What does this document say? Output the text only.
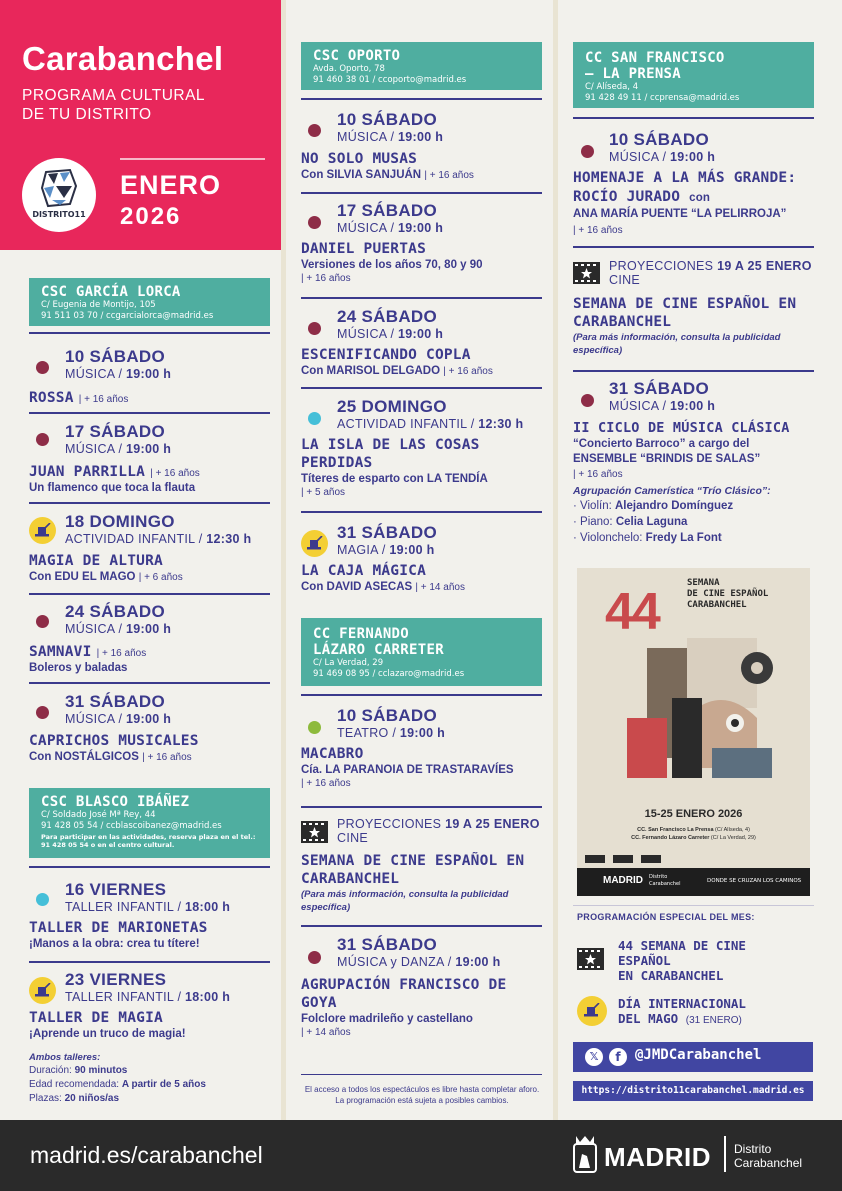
Carabanchel
PROGRAMA CULTURAL
DE TU DISTRITO
DISTRITO11
ENERO
2026
CSC GARCÍA LORCA
C/ Eugenia de Montijo, 105
91 511 03 70 / ccgarcialorca@madrid.es
10 SÁBADO
MÚSICA / 19:00 h
ROSSA | + 16 años
17 SÁBADO
MÚSICA / 19:00 h
JUAN PARRILLA | + 16 años
Un flamenco que toca la flauta
18 DOMINGO
ACTIVIDAD INFANTIL / 12:30 h
MAGIA DE ALTURA
Con EDU EL MAGO | + 6 años
24 SÁBADO
MÚSICA / 19:00 h
SAMNAVI | + 16 años
Boleros y baladas
31 SÁBADO
MÚSICA / 19:00 h
CAPRICHOS MUSICALES
Con NOSTÁLGICOS | + 16 años
CSC BLASCO IBÁÑEZ
C/ Soldado José Mª Rey, 44
91 428 05 54 / ccblascoibanez@madrid.es
Para participar en las actividades, reserva plaza en el tel.: 91 428 05 54 o en el centro cultural.
16 VIERNES
TALLER INFANTIL / 18:00 h
TALLER DE MARIONETAS
¡Manos a la obra: crea tu títere!
23 VIERNES
TALLER INFANTIL / 18:00 h
TALLER DE MAGIA
¡Aprende un truco de magia!
Ambos talleres:
Duración: 90 minutos
Edad recomendada: A partir de 5 años
Plazas: 20 niños/as
CSC OPORTO
Avda. Oporto, 78
91 460 38 01 / ccoporto@madrid.es
10 SÁBADO
MÚSICA / 19:00 h
NO SOLO MUSAS
Con SILVIA SANJUÁN | + 16 años
17 SÁBADO
MÚSICA / 19:00 h
DANIEL PUERTAS
Versiones de los años 70, 80 y 90
| + 16 años
24 SÁBADO
MÚSICA / 19:00 h
ESCENIFICANDO COPLA
Con MARISOL DELGADO | + 16 años
25 DOMINGO
ACTIVIDAD INFANTIL / 12:30 h
LA ISLA DE LAS COSAS PERDIDAS
Títeres de esparto con LA TENDÍA
| + 5 años
31 SÁBADO
MAGIA / 19:00 h
LA CAJA MÁGICA
Con DAVID ASECAS | + 14 años
CC FERNANDO
LÁZARO CARRETER
C/ La Verdad, 29
91 469 08 95 / cclazaro@madrid.es
10 SÁBADO
TEATRO / 19:00 h
MACABRO
Cía. LA PARANOIA DE TRASTARAVÍES
| + 16 años
PROYECCIONES 19 A 25 ENERO
CINE
SEMANA DE CINE ESPAÑOL EN CARABANCHEL
(Para más información, consulta la publicidad específica)
31 SÁBADO
MÚSICA y DANZA / 19:00 h
AGRUPACIÓN FRANCISCO DE GOYA
Folclore madrileño y castellano
| + 14 años
El acceso a todos los espectáculos es libre hasta completar aforo.
La programación está sujeta a posibles cambios.
CC SAN FRANCISCO
– LA PRENSA
C/ Alíseda, 4
91 428 49 11 / ccprensa@madrid.es
10 SÁBADO
MÚSICA / 19:00 h
HOMENAJE A LA MÁS GRANDE: ROCÍO JURADO con
ANA MARÍA PUENTE “LA PELIRROJA”
| + 16 años
PROYECCIONES 19 A 25 ENERO
CINE
SEMANA DE CINE ESPAÑOL EN CARABANCHEL
(Para más información, consulta la publicidad específica)
31 SÁBADO
MÚSICA / 19:00 h
II CICLO DE MÚSICA CLÁSICA
“Concierto Barroco” a cargo del
ENSEMBLE “BRINDIS DE SALAS”
| + 16 años
Agrupación Camerística “Trío Clásico”:
· Violín: Alejandro Domínguez
· Piano: Celia Laguna
· Violonchelo: Fredy La Font
44	SEMANA
DE CINE ESPAÑOL
CARABANCHEL
15-25 ENERO 2026
CC. San Francisco La Prensa (C/ Alíseda, 4)
CC. Fernando Lázaro Carreter (C/ La Verdad, 29)
MADRID Distrito Carabanchel	DONDE SE CRUZAN LOS CAMINOS
PROGRAMACIÓN ESPECIAL DEL MES:
44 SEMANA DE CINE
ESPAÑOL
EN CARABANCHEL
DÍA INTERNACIONAL
DEL MAGO (31 ENERO)
𝕏	f	@JMDCarabanchel
https://distrito11carabanchel.madrid.es
madrid.es/carabanchel	MADRID Distrito
Carabanchel
